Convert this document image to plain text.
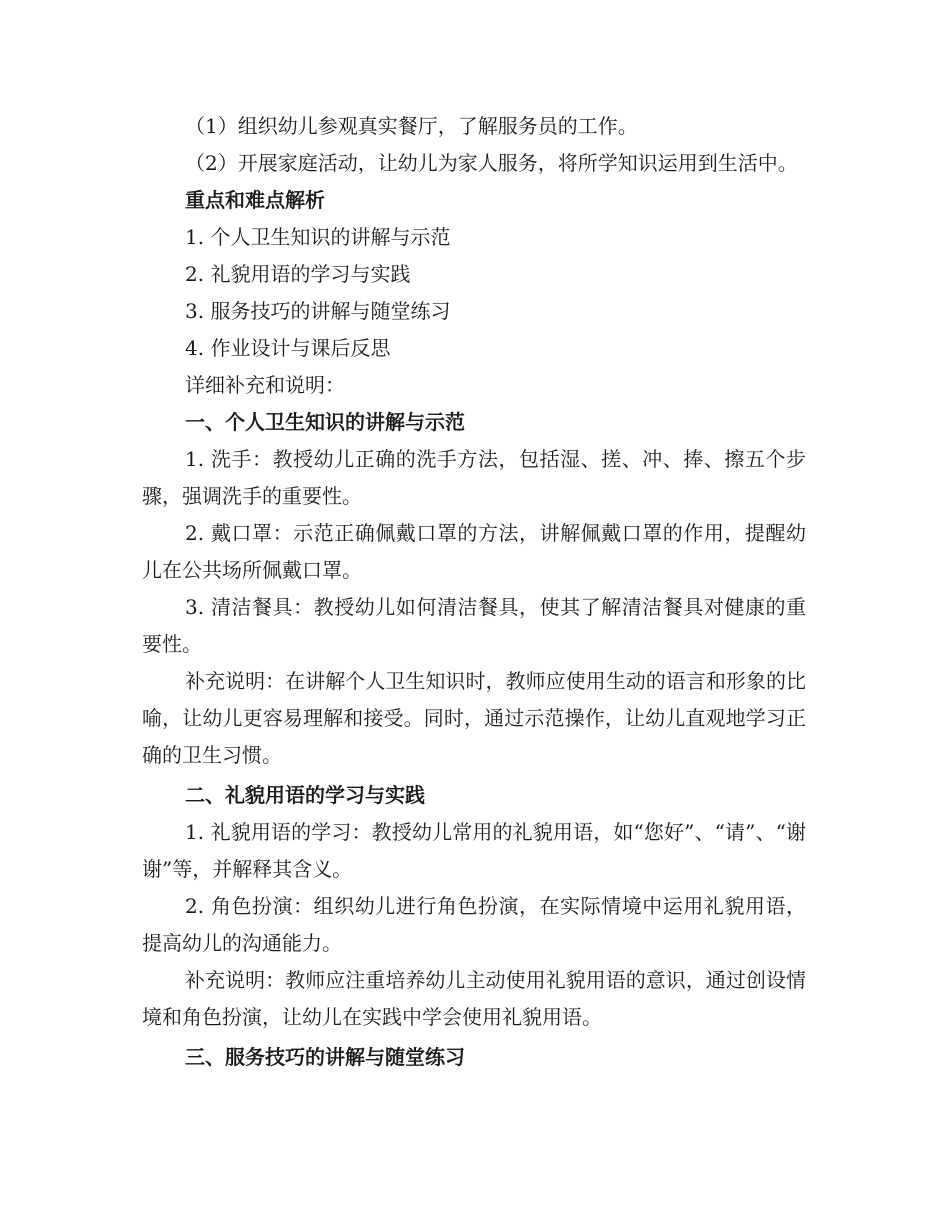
（1）组织幼儿参观真实餐厅，了解服务员的工作。

（2）开展家庭活动，让幼儿为家人服务，将所学知识运用到生活中。

重点和难点解析

1. 个人卫生知识的讲解与示范

2. 礼貌用语的学习与实践

3. 服务技巧的讲解与随堂练习

4. 作业设计与课后反思

详细补充和说明：

一、个人卫生知识的讲解与示范

1. 洗手：教授幼儿正确的洗手方法，包括湿、搓、冲、捧、擦五个步骤，强调洗手的重要性。

2. 戴口罩：示范正确佩戴口罩的方法，讲解佩戴口罩的作用，提醒幼儿在公共场所佩戴口罩。

3. 清洁餐具：教授幼儿如何清洁餐具，使其了解清洁餐具对健康的重要性。

补充说明：在讲解个人卫生知识时，教师应使用生动的语言和形象的比喻，让幼儿更容易理解和接受。同时，通过示范操作，让幼儿直观地学习正确的卫生习惯。

二、礼貌用语的学习与实践

1. 礼貌用语的学习：教授幼儿常用的礼貌用语，如“您好”、“请”、“谢谢”等，并解释其含义。

2. 角色扮演：组织幼儿进行角色扮演，在实际情境中运用礼貌用语，提高幼儿的沟通能力。

补充说明：教师应注重培养幼儿主动使用礼貌用语的意识，通过创设情境和角色扮演，让幼儿在实践中学会使用礼貌用语。

三、服务技巧的讲解与随堂练习
